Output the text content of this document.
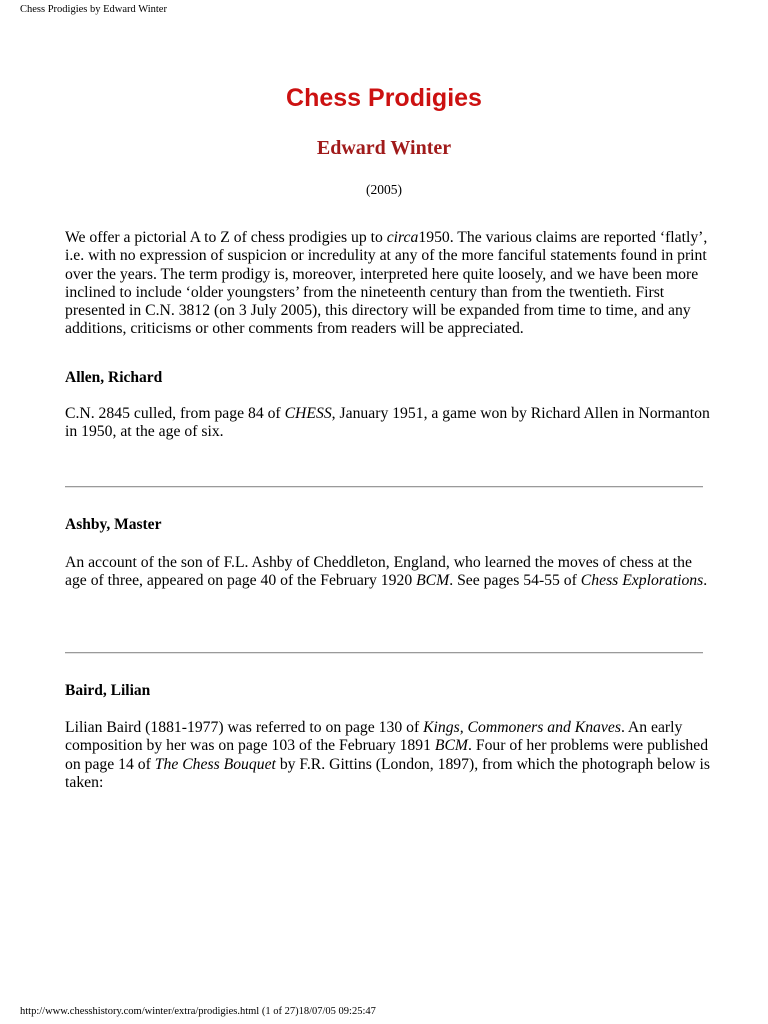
Chess Prodigies by Edward Winter
Chess Prodigies
Edward Winter
(2005)
We offer a pictorial A to Z of chess prodigies up to circa1950. The various claims are reported ‘flatly’, i.e. with no expression of suspicion or incredulity at any of the more fanciful statements found in print over the years. The term prodigy is, moreover, interpreted here quite loosely, and we have been more inclined to include ‘older youngsters’ from the nineteenth century than from the twentieth. First presented in C.N. 3812 (on 3 July 2005), this directory will be expanded from time to time, and any additions, criticisms or other comments from readers will be appreciated.
Allen, Richard
C.N. 2845 culled, from page 84 of CHESS, January 1951, a game won by Richard Allen in Normanton in 1950, at the age of six.
Ashby, Master
An account of the son of F.L. Ashby of Cheddleton, England, who learned the moves of chess at the age of three, appeared on page 40 of the February 1920 BCM. See pages 54-55 of Chess Explorations.
Baird, Lilian
Lilian Baird (1881-1977) was referred to on page 130 of Kings, Commoners and Knaves. An early composition by her was on page 103 of the February 1891 BCM. Four of her problems were published on page 14 of The Chess Bouquet by F.R. Gittins (London, 1897), from which the photograph below is taken:
http://www.chesshistory.com/winter/extra/prodigies.html (1 of 27)18/07/05 09:25:47
